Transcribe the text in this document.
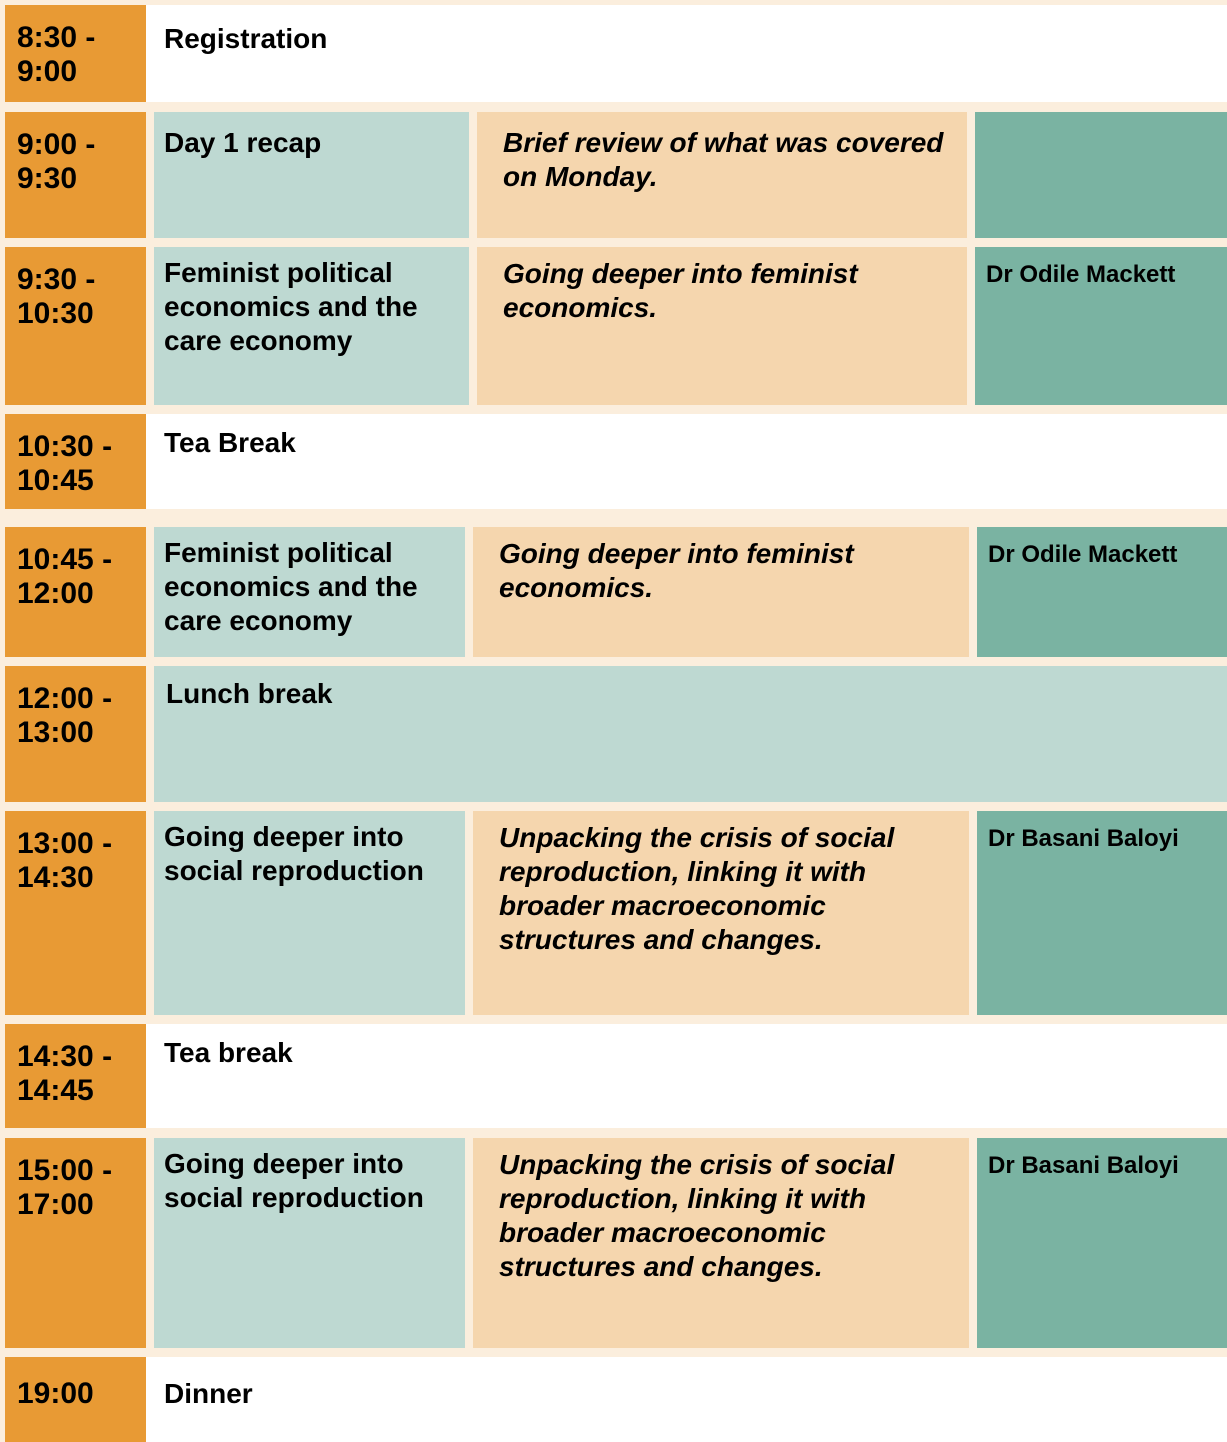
8:30 - 9:00
Registration
9:00 - 9:30
Day 1 recap	Brief review of what was covered on Monday.
9:30 - 10:30
Feminist political economics and the care economy
Going deeper into feminist economics.
Dr Odile Mackett
10:30 - 10:45
Tea Break
10:45 - 12:00
Feminist political economics and the care economy
Going deeper into feminist economics.
Dr Odile Mackett
12:00 - 13:00
Lunch break
13:00 - 14:30
Going deeper into social reproduction
Unpacking the crisis of social reproduction, linking it with broader macroeconomic structures and changes.
Dr Basani Baloyi
14:30 - 14:45
Tea break
15:00 - 17:00
Going deeper into social reproduction
Unpacking the crisis of social reproduction, linking it with broader macroeconomic structures and changes.
Dr Basani Baloyi
19:00	Dinner
